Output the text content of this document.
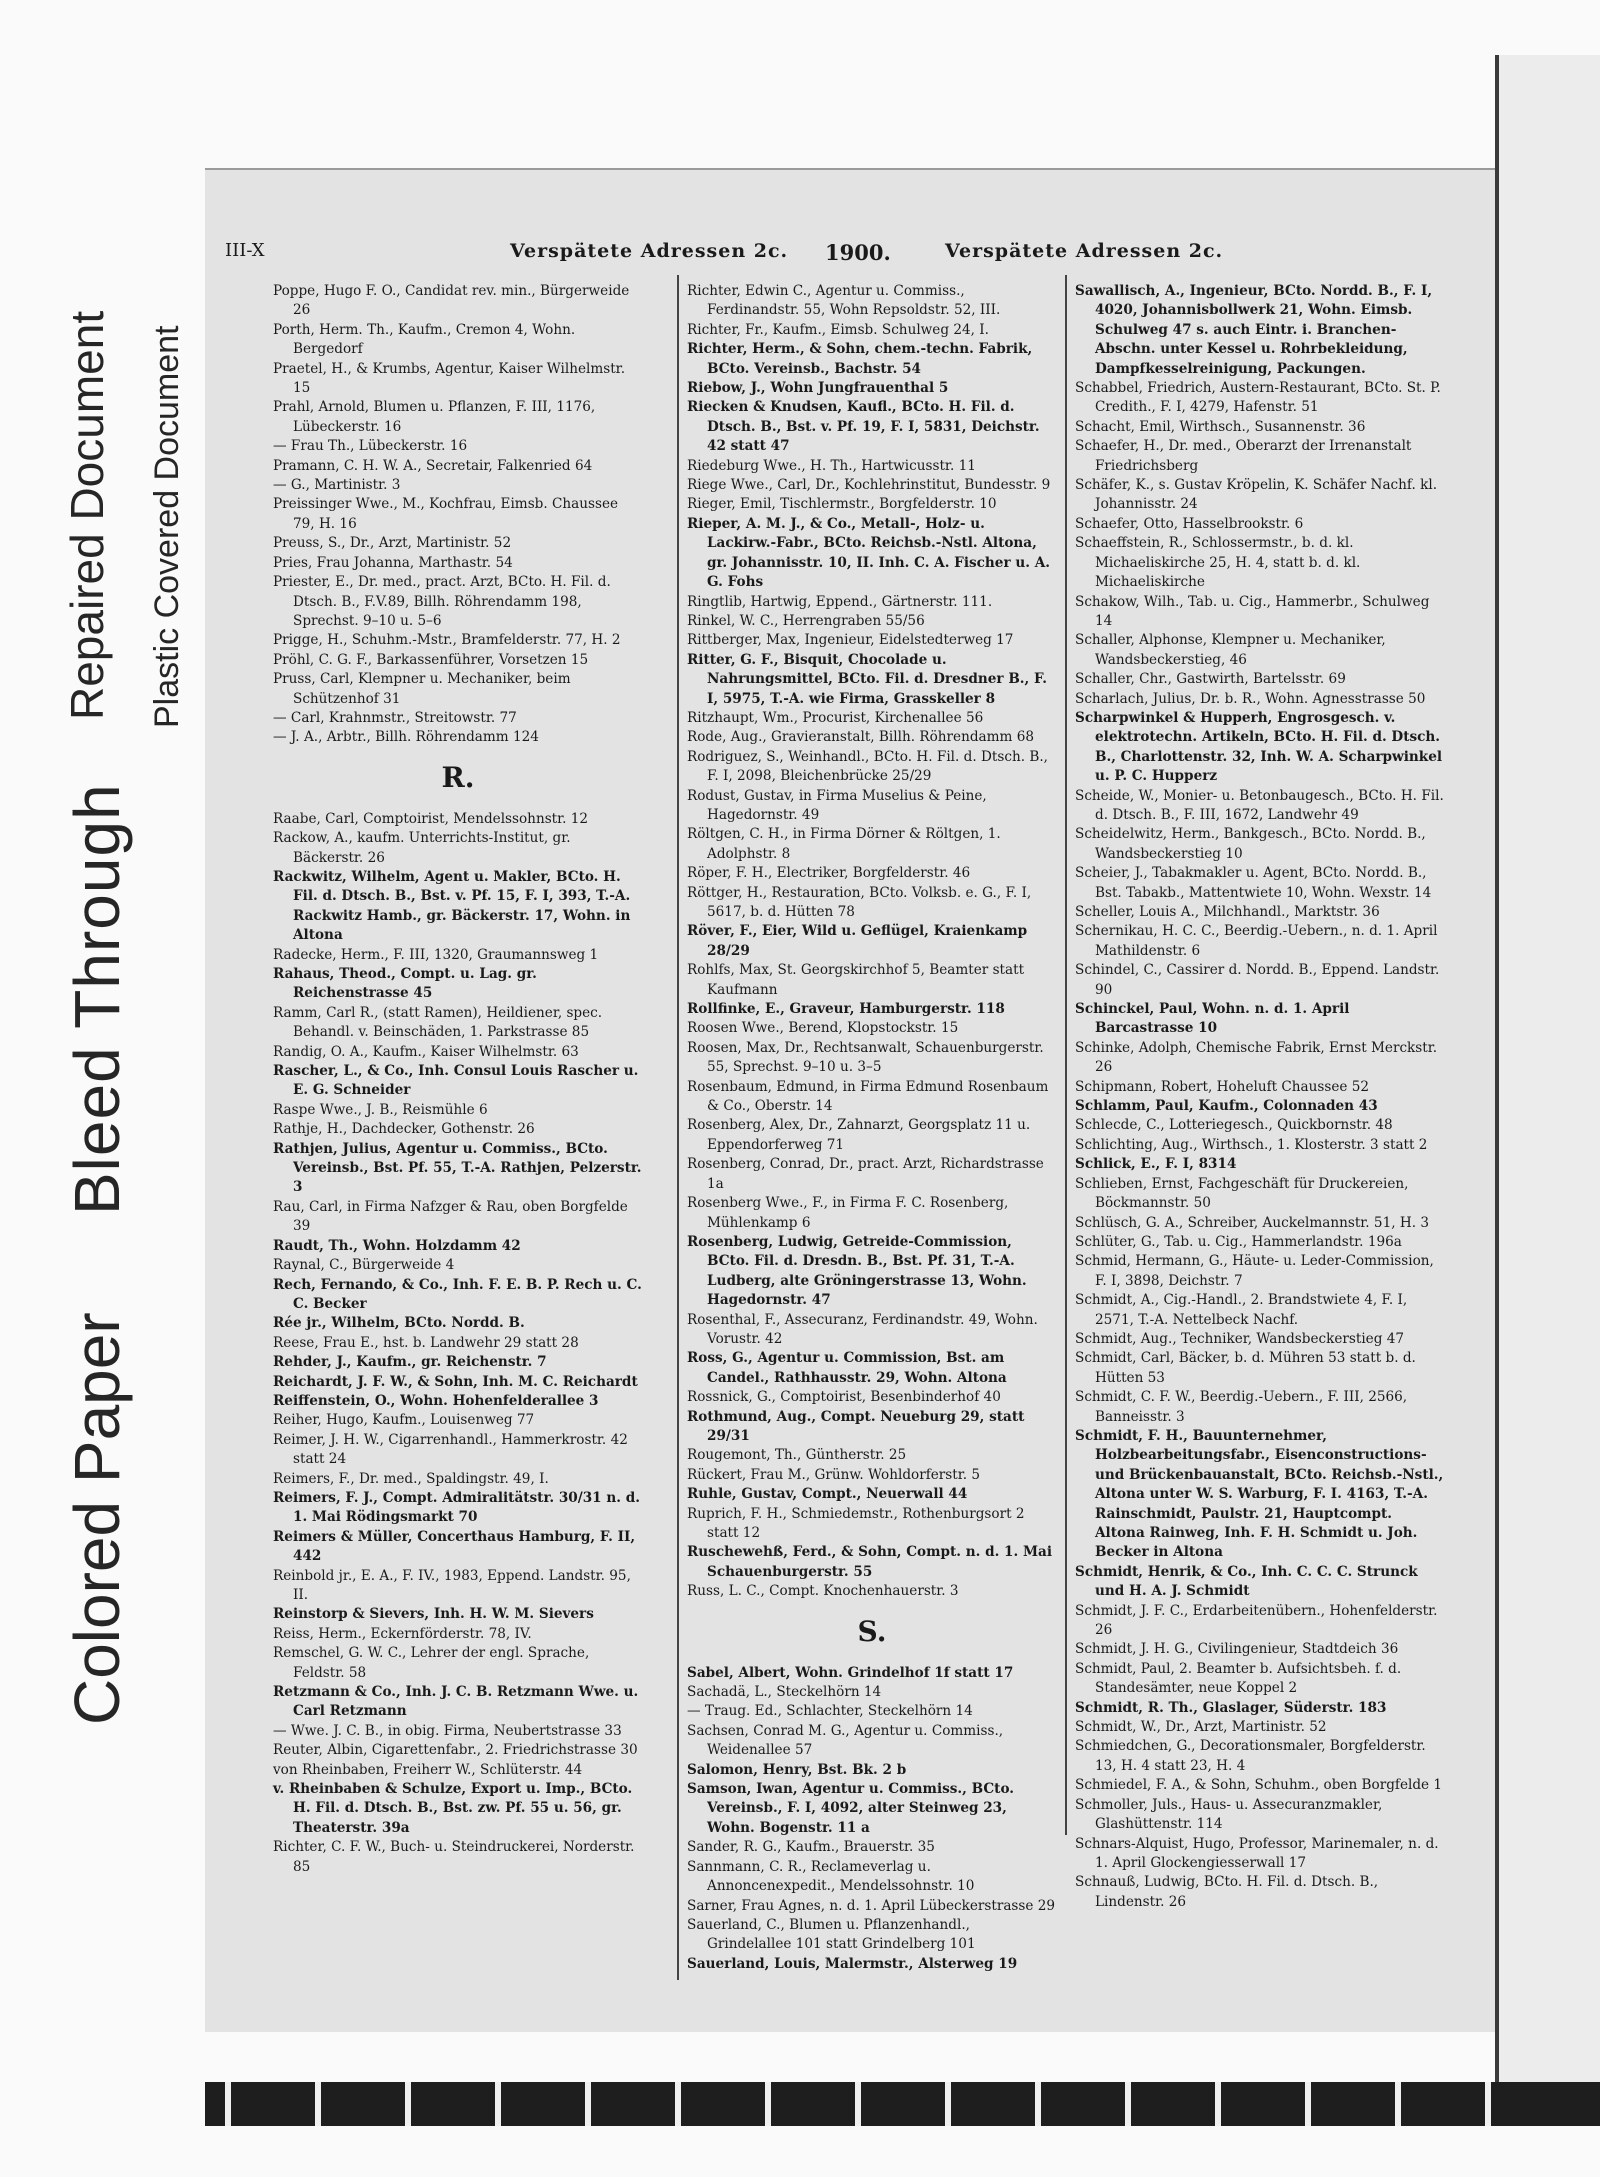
Colored Paper
Bleed Through
Repaired Document Plastic Covered Document
III-X	Verspätete Adressen 2c. 1900.	Verspätete Adressen 2c.

Poppe, Hugo F. O., Candidat rev. min., Bürgerweide 26

Porth, Herm. Th., Kaufm., Cremon 4, Wohn. Bergedorf

Praetel, H., & Krumbs, Agentur, Kaiser Wilhelmstr. 15

Prahl, Arnold, Blumen u. Pflanzen, F. III, 1176, Lübeckerstr. 16

— Frau Th., Lübeckerstr. 16

Pramann, C. H. W. A., Secretair, Falkenried 64

— G., Martinistr. 3

Preissinger Wwe., M., Kochfrau, Eimsb. Chaussee 79, H. 16

Preuss, S., Dr., Arzt, Martinistr. 52

Pries, Frau Johanna, Marthastr. 54

Priester, E., Dr. med., pract. Arzt, BCto. H. Fil. d. Dtsch. B., F.V.89, Billh. Röhrendamm 198, Sprechst. 9–10 u. 5–6

Prigge, H., Schuhm.-Mstr., Bramfelderstr. 77, H. 2

Pröhl, C. G. F., Barkassenführer, Vorsetzen 15

Pruss, Carl, Klempner u. Mechaniker, beim Schützenhof 31

— Carl, Krahnmstr., Streitowstr. 77

— J. A., Arbtr., Billh. Röhrendamm 124

R.

Raabe, Carl, Comptoirist, Mendelssohnstr. 12

Rackow, A., kaufm. Unterrichts-Institut, gr. Bäckerstr. 26

Rackwitz, Wilhelm, Agent u. Makler, BCto. H. Fil. d. Dtsch. B., Bst. v. Pf. 15, F. I, 393, T.-A. Rackwitz Hamb., gr. Bäckerstr. 17, Wohn. in Altona

Radecke, Herm., F. III, 1320, Graumannsweg 1

Rahaus, Theod., Compt. u. Lag. gr. Reichenstrasse 45

Ramm, Carl R., (statt Ramen), Heildiener, spec. Behandl. v. Beinschäden, 1. Parkstrasse 85

Randig, O. A., Kaufm., Kaiser Wilhelmstr. 63

Rascher, L., & Co., Inh. Consul Louis Rascher u. E. G. Schneider

Raspe Wwe., J. B., Reismühle 6

Rathje, H., Dachdecker, Gothenstr. 26

Rathjen, Julius, Agentur u. Commiss., BCto. Vereinsb., Bst. Pf. 55, T.-A. Rathjen, Pelzerstr. 3

Rau, Carl, in Firma Nafzger & Rau, oben Borgfelde 39

Raudt, Th., Wohn. Holzdamm 42

Raynal, C., Bürgerweide 4

Rech, Fernando, & Co., Inh. F. E. B. P. Rech u. C. C. Becker

Rée jr., Wilhelm, BCto. Nordd. B.

Reese, Frau E., hst. b. Landwehr 29 statt 28

Rehder, J., Kaufm., gr. Reichenstr. 7

Reichardt, J. F. W., & Sohn, Inh. M. C. Reichardt

Reiffenstein, O., Wohn. Hohenfelderallee 3

Reiher, Hugo, Kaufm., Louisenweg 77

Reimer, J. H. W., Cigarrenhandl., Hammerkrostr. 42 statt 24

Reimers, F., Dr. med., Spaldingstr. 49, I.

Reimers, F. J., Compt. Admiralitätstr. 30/31 n. d. 1. Mai Rödingsmarkt 70

Reimers & Müller, Concerthaus Hamburg, F. II, 442

Reinbold jr., E. A., F. IV., 1983, Eppend. Landstr. 95, II.

Reinstorp & Sievers, Inh. H. W. M. Sievers

Reiss, Herm., Eckernförderstr. 78, IV.

Remschel, G. W. C., Lehrer der engl. Sprache, Feldstr. 58

Retzmann & Co., Inh. J. C. B. Retzmann Wwe. u. Carl Retzmann

— Wwe. J. C. B., in obig. Firma, Neubertstrasse 33

Reuter, Albin, Cigarettenfabr., 2. Friedrichstrasse 30

von Rheinbaben, Freiherr W., Schlüterstr. 44

v. Rheinbaben & Schulze, Export u. Imp., BCto. H. Fil. d. Dtsch. B., Bst. zw. Pf. 55 u. 56, gr. Theaterstr. 39a

Richter, C. F. W., Buch- u. Steindruckerei, Norderstr. 85

Richter, Edwin C., Agentur u. Commiss., Ferdinandstr. 55, Wohn Repsoldstr. 52, III.

Richter, Fr., Kaufm., Eimsb. Schulweg 24, I.

Richter, Herm., & Sohn, chem.-techn. Fabrik, BCto. Vereinsb., Bachstr. 54

Riebow, J., Wohn Jungfrauenthal 5

Riecken & Knudsen, Kaufl., BCto. H. Fil. d. Dtsch. B., Bst. v. Pf. 19, F. I, 5831, Deichstr. 42 statt 47

Riedeburg Wwe., H. Th., Hartwicusstr. 11

Riege Wwe., Carl, Dr., Kochlehrinstitut, Bundesstr. 9

Rieger, Emil, Tischlermstr., Borgfelderstr. 10

Rieper, A. M. J., & Co., Metall-, Holz- u. Lackirw.-Fabr., BCto. Reichsb.-Nstl. Altona, gr. Johannisstr. 10, II. Inh. C. A. Fischer u. A. G. Fohs

Ringtlib, Hartwig, Eppend., Gärtnerstr. 111.

Rinkel, W. C., Herrengraben 55/56

Rittberger, Max, Ingenieur, Eidelstedterweg 17

Ritter, G. F., Bisquit, Chocolade u. Nahrungsmittel, BCto. Fil. d. Dresdner B., F. I, 5975, T.-A. wie Firma, Grasskeller 8

Ritzhaupt, Wm., Procurist, Kirchenallee 56

Rode, Aug., Gravieranstalt, Billh. Röhrendamm 68

Rodriguez, S., Weinhandl., BCto. H. Fil. d. Dtsch. B., F. I, 2098, Bleichenbrücke 25/29

Rodust, Gustav, in Firma Muselius & Peine, Hagedornstr. 49

Röltgen, C. H., in Firma Dörner & Röltgen, 1. Adolphstr. 8

Röper, F. H., Electriker, Borgfelderstr. 46

Röttger, H., Restauration, BCto. Volksb. e. G., F. I, 5617, b. d. Hütten 78

Röver, F., Eier, Wild u. Geflügel, Kraienkamp 28/29

Rohlfs, Max, St. Georgskirchhof 5, Beamter statt Kaufmann

Rollfinke, E., Graveur, Hamburgerstr. 118

Roosen Wwe., Berend, Klopstockstr. 15

Roosen, Max, Dr., Rechtsanwalt, Schauenburgerstr. 55, Sprechst. 9–10 u. 3–5

Rosenbaum, Edmund, in Firma Edmund Rosenbaum & Co., Oberstr. 14

Rosenberg, Alex, Dr., Zahnarzt, Georgsplatz 11 u. Eppendorferweg 71

Rosenberg, Conrad, Dr., pract. Arzt, Richardstrasse 1a

Rosenberg Wwe., F., in Firma F. C. Rosenberg, Mühlenkamp 6

Rosenberg, Ludwig, Getreide-Commission, BCto. Fil. d. Dresdn. B., Bst. Pf. 31, T.-A. Ludberg, alte Gröningerstrasse 13, Wohn. Hagedornstr. 47

Rosenthal, F., Assecuranz, Ferdinandstr. 49, Wohn. Vorustr. 42

Ross, G., Agentur u. Commission, Bst. am Candel., Rathhausstr. 29, Wohn. Altona

Rossnick, G., Comptoirist, Besenbinderhof 40

Rothmund, Aug., Compt. Neueburg 29, statt 29/31

Rougemont, Th., Güntherstr. 25

Rückert, Frau M., Grünw. Wohldorferstr. 5

Ruhle, Gustav, Compt., Neuerwall 44

Ruprich, F. H., Schmiedemstr., Rothenburgsort 2 statt 12

Ruschewehß, Ferd., & Sohn, Compt. n. d. 1. Mai Schauenburgerstr. 55

Russ, L. C., Compt. Knochenhauerstr. 3

S.

Sabel, Albert, Wohn. Grindelhof 1f statt 17

Sachadä, L., Steckelhörn 14

— Traug. Ed., Schlachter, Steckelhörn 14

Sachsen, Conrad M. G., Agentur u. Commiss., Weidenallee 57

Salomon, Henry, Bst. Bk. 2 b

Samson, Iwan, Agentur u. Commiss., BCto. Vereinsb., F. I, 4092, alter Steinweg 23, Wohn. Bogenstr. 11 a

Sander, R. G., Kaufm., Brauerstr. 35

Sannmann, C. R., Reclameverlag u. Annoncenexpedit., Mendelssohnstr. 10

Sarner, Frau Agnes, n. d. 1. April Lübeckerstrasse 29

Sauerland, C., Blumen u. Pflanzenhandl., Grindelallee 101 statt Grindelberg 101

Sauerland, Louis, Malermstr., Alsterweg 19

Sawallisch, A., Ingenieur, BCto. Nordd. B., F. I, 4020, Johannisbollwerk 21, Wohn. Eimsb. Schulweg 47 s. auch Eintr. i. Branchen-Abschn. unter Kessel u. Rohrbekleidung, Dampfkesselreinigung, Packungen.

Schabbel, Friedrich, Austern-Restaurant, BCto. St. P. Credith., F. I, 4279, Hafenstr. 51

Schacht, Emil, Wirthsch., Susannenstr. 36

Schaefer, H., Dr. med., Oberarzt der Irrenanstalt Friedrichsberg

Schäfer, K., s. Gustav Kröpelin, K. Schäfer Nachf. kl. Johannisstr. 24

Schaefer, Otto, Hasselbrookstr. 6

Schaeffstein, R., Schlossermstr., b. d. kl. Michaeliskirche 25, H. 4, statt b. d. kl. Michaeliskirche

Schakow, Wilh., Tab. u. Cig., Hammerbr., Schulweg 14

Schaller, Alphonse, Klempner u. Mechaniker, Wandsbeckerstieg, 46

Schaller, Chr., Gastwirth, Bartelsstr. 69

Scharlach, Julius, Dr. b. R., Wohn. Agnesstrasse 50

Scharpwinkel & Hupperh, Engrosgesch. v. elektrotechn. Artikeln, BCto. H. Fil. d. Dtsch. B., Charlottenstr. 32, Inh. W. A. Scharpwinkel u. P. C. Hupperz

Scheide, W., Monier- u. Betonbaugesch., BCto. H. Fil. d. Dtsch. B., F. III, 1672, Landwehr 49

Scheidelwitz, Herm., Bankgesch., BCto. Nordd. B., Wandsbeckerstieg 10

Scheier, J., Tabakmakler u. Agent, BCto. Nordd. B., Bst. Tabakb., Mattentwiete 10, Wohn. Wexstr. 14

Scheller, Louis A., Milchhandl., Marktstr. 36

Schernikau, H. C. C., Beerdig.-Uebern., n. d. 1. April Mathildenstr. 6

Schindel, C., Cassirer d. Nordd. B., Eppend. Landstr. 90

Schinckel, Paul, Wohn. n. d. 1. April Barcastrasse 10

Schinke, Adolph, Chemische Fabrik, Ernst Merckstr. 26

Schipmann, Robert, Hoheluft Chaussee 52

Schlamm, Paul, Kaufm., Colonnaden 43

Schlecde, C., Lotteriegesch., Quickbornstr. 48

Schlichting, Aug., Wirthsch., 1. Klosterstr. 3 statt 2

Schlick, E., F. I, 8314

Schlieben, Ernst, Fachgeschäft für Druckereien, Böckmannstr. 50

Schlüsch, G. A., Schreiber, Auckelmannstr. 51, H. 3

Schlüter, G., Tab. u. Cig., Hammerlandstr. 196a

Schmid, Hermann, G., Häute- u. Leder-Commission, F. I, 3898, Deichstr. 7

Schmidt, A., Cig.-Handl., 2. Brandstwiete 4, F. I, 2571, T.-A. Nettelbeck Nachf.

Schmidt, Aug., Techniker, Wandsbeckerstieg 47

Schmidt, Carl, Bäcker, b. d. Mühren 53 statt b. d. Hütten 53

Schmidt, C. F. W., Beerdig.-Uebern., F. III, 2566, Banneisstr. 3

Schmidt, F. H., Bauunternehmer, Holzbearbeitungsfabr., Eisenconstructions- und Brückenbauanstalt, BCto. Reichsb.-Nstl., Altona unter W. S. Warburg, F. I. 4163, T.-A. Rainschmidt, Paulstr. 21, Hauptcompt. Altona Rainweg, Inh. F. H. Schmidt u. Joh. Becker in Altona

Schmidt, Henrik, & Co., Inh. C. C. C. Strunck und H. A. J. Schmidt

Schmidt, J. F. C., Erdarbeitenübern., Hohenfelderstr. 26

Schmidt, J. H. G., Civilingenieur, Stadtdeich 36

Schmidt, Paul, 2. Beamter b. Aufsichtsbeh. f. d. Standesämter, neue Koppel 2

Schmidt, R. Th., Glaslager, Süderstr. 183

Schmidt, W., Dr., Arzt, Martinistr. 52

Schmiedchen, G., Decorationsmaler, Borgfelderstr. 13, H. 4 statt 23, H. 4

Schmiedel, F. A., & Sohn, Schuhm., oben Borgfelde 1

Schmoller, Juls., Haus- u. Assecuranzmakler, Glashüttenstr. 114

Schnars-Alquist, Hugo, Professor, Marinemaler, n. d. 1. April Glockengiesserwall 17

Schnauß, Ludwig, BCto. H. Fil. d. Dtsch. B., Lindenstr. 26
